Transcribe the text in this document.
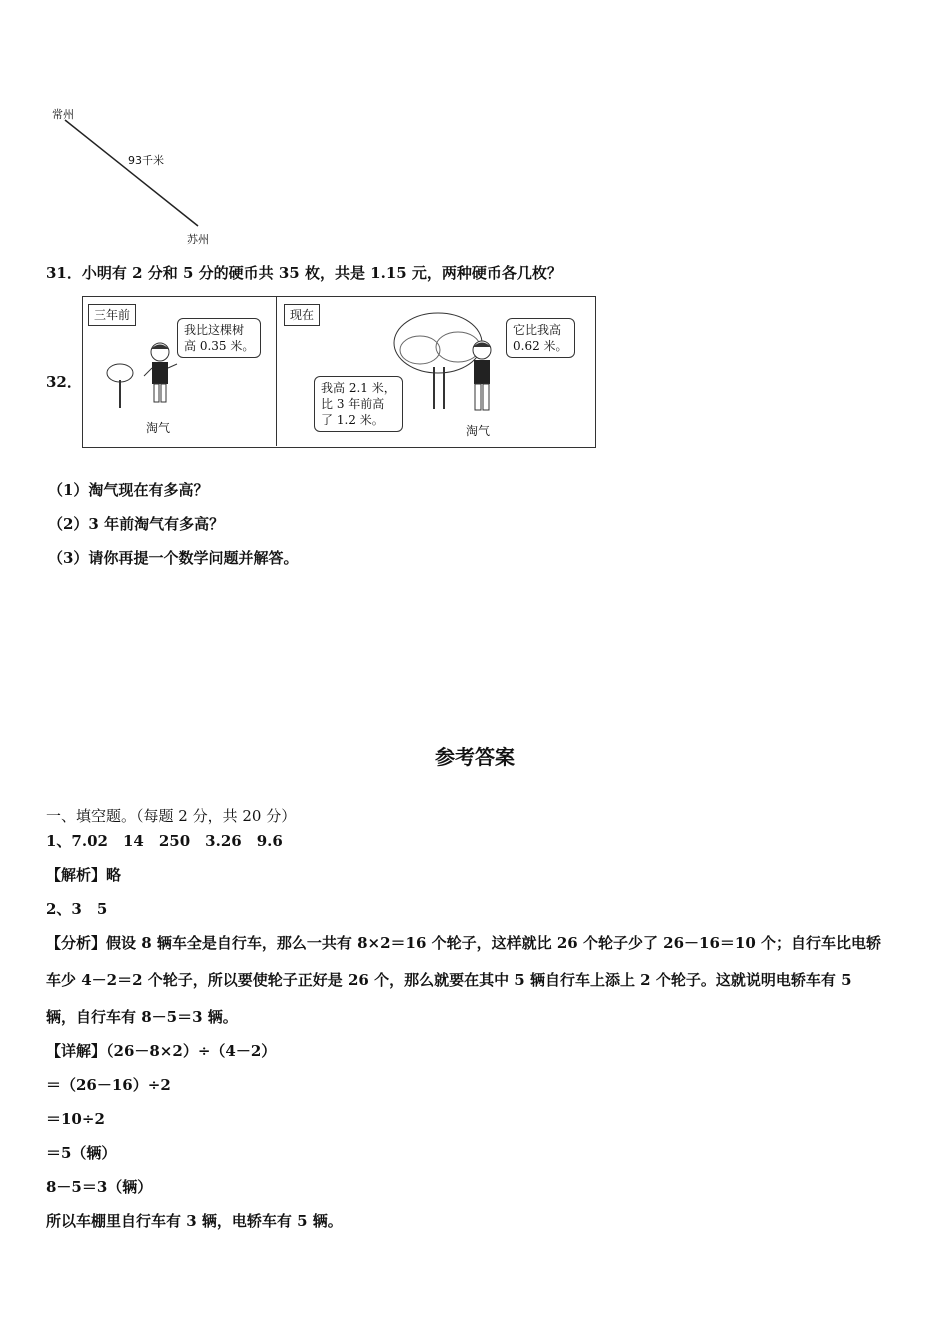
常州
93千米
苏州
31．小明有 2 分和 5 分的硬币共 35 枚，共是 1.15 元，两种硬币各几枚？
32．
三年前
我比这棵树
高 0.35 米。
淘气
现在
它比我高
0.62 米。
我高 2.1 米，
比 3 年前高
了 1.2 米。
淘气
（1）淘气现在有多高？
（2）3 年前淘气有多高？
（3）请你再提一个数学问题并解答。
参考答案
一、填空题。（每题 2 分，共 20 分）
1、7.02　14　250　3.26　9.6
【解析】略
2、3　5
【分析】假设 8 辆车全是自行车，那么一共有 8×2＝16 个轮子，这样就比 26 个轮子少了 26－16＝10 个；自行车比电轿
车少 4－2＝2 个轮子，所以要使轮子正好是 26 个，那么就要在其中 5 辆自行车上添上 2 个轮子。这就说明电轿车有 5
辆，自行车有 8－5＝3 辆。
【详解】（26－8×2）÷（4－2）
＝（26－16）÷2
＝10÷2
＝5（辆）
8－5＝3（辆）
所以车棚里自行车有 3 辆，电轿车有 5 辆。
